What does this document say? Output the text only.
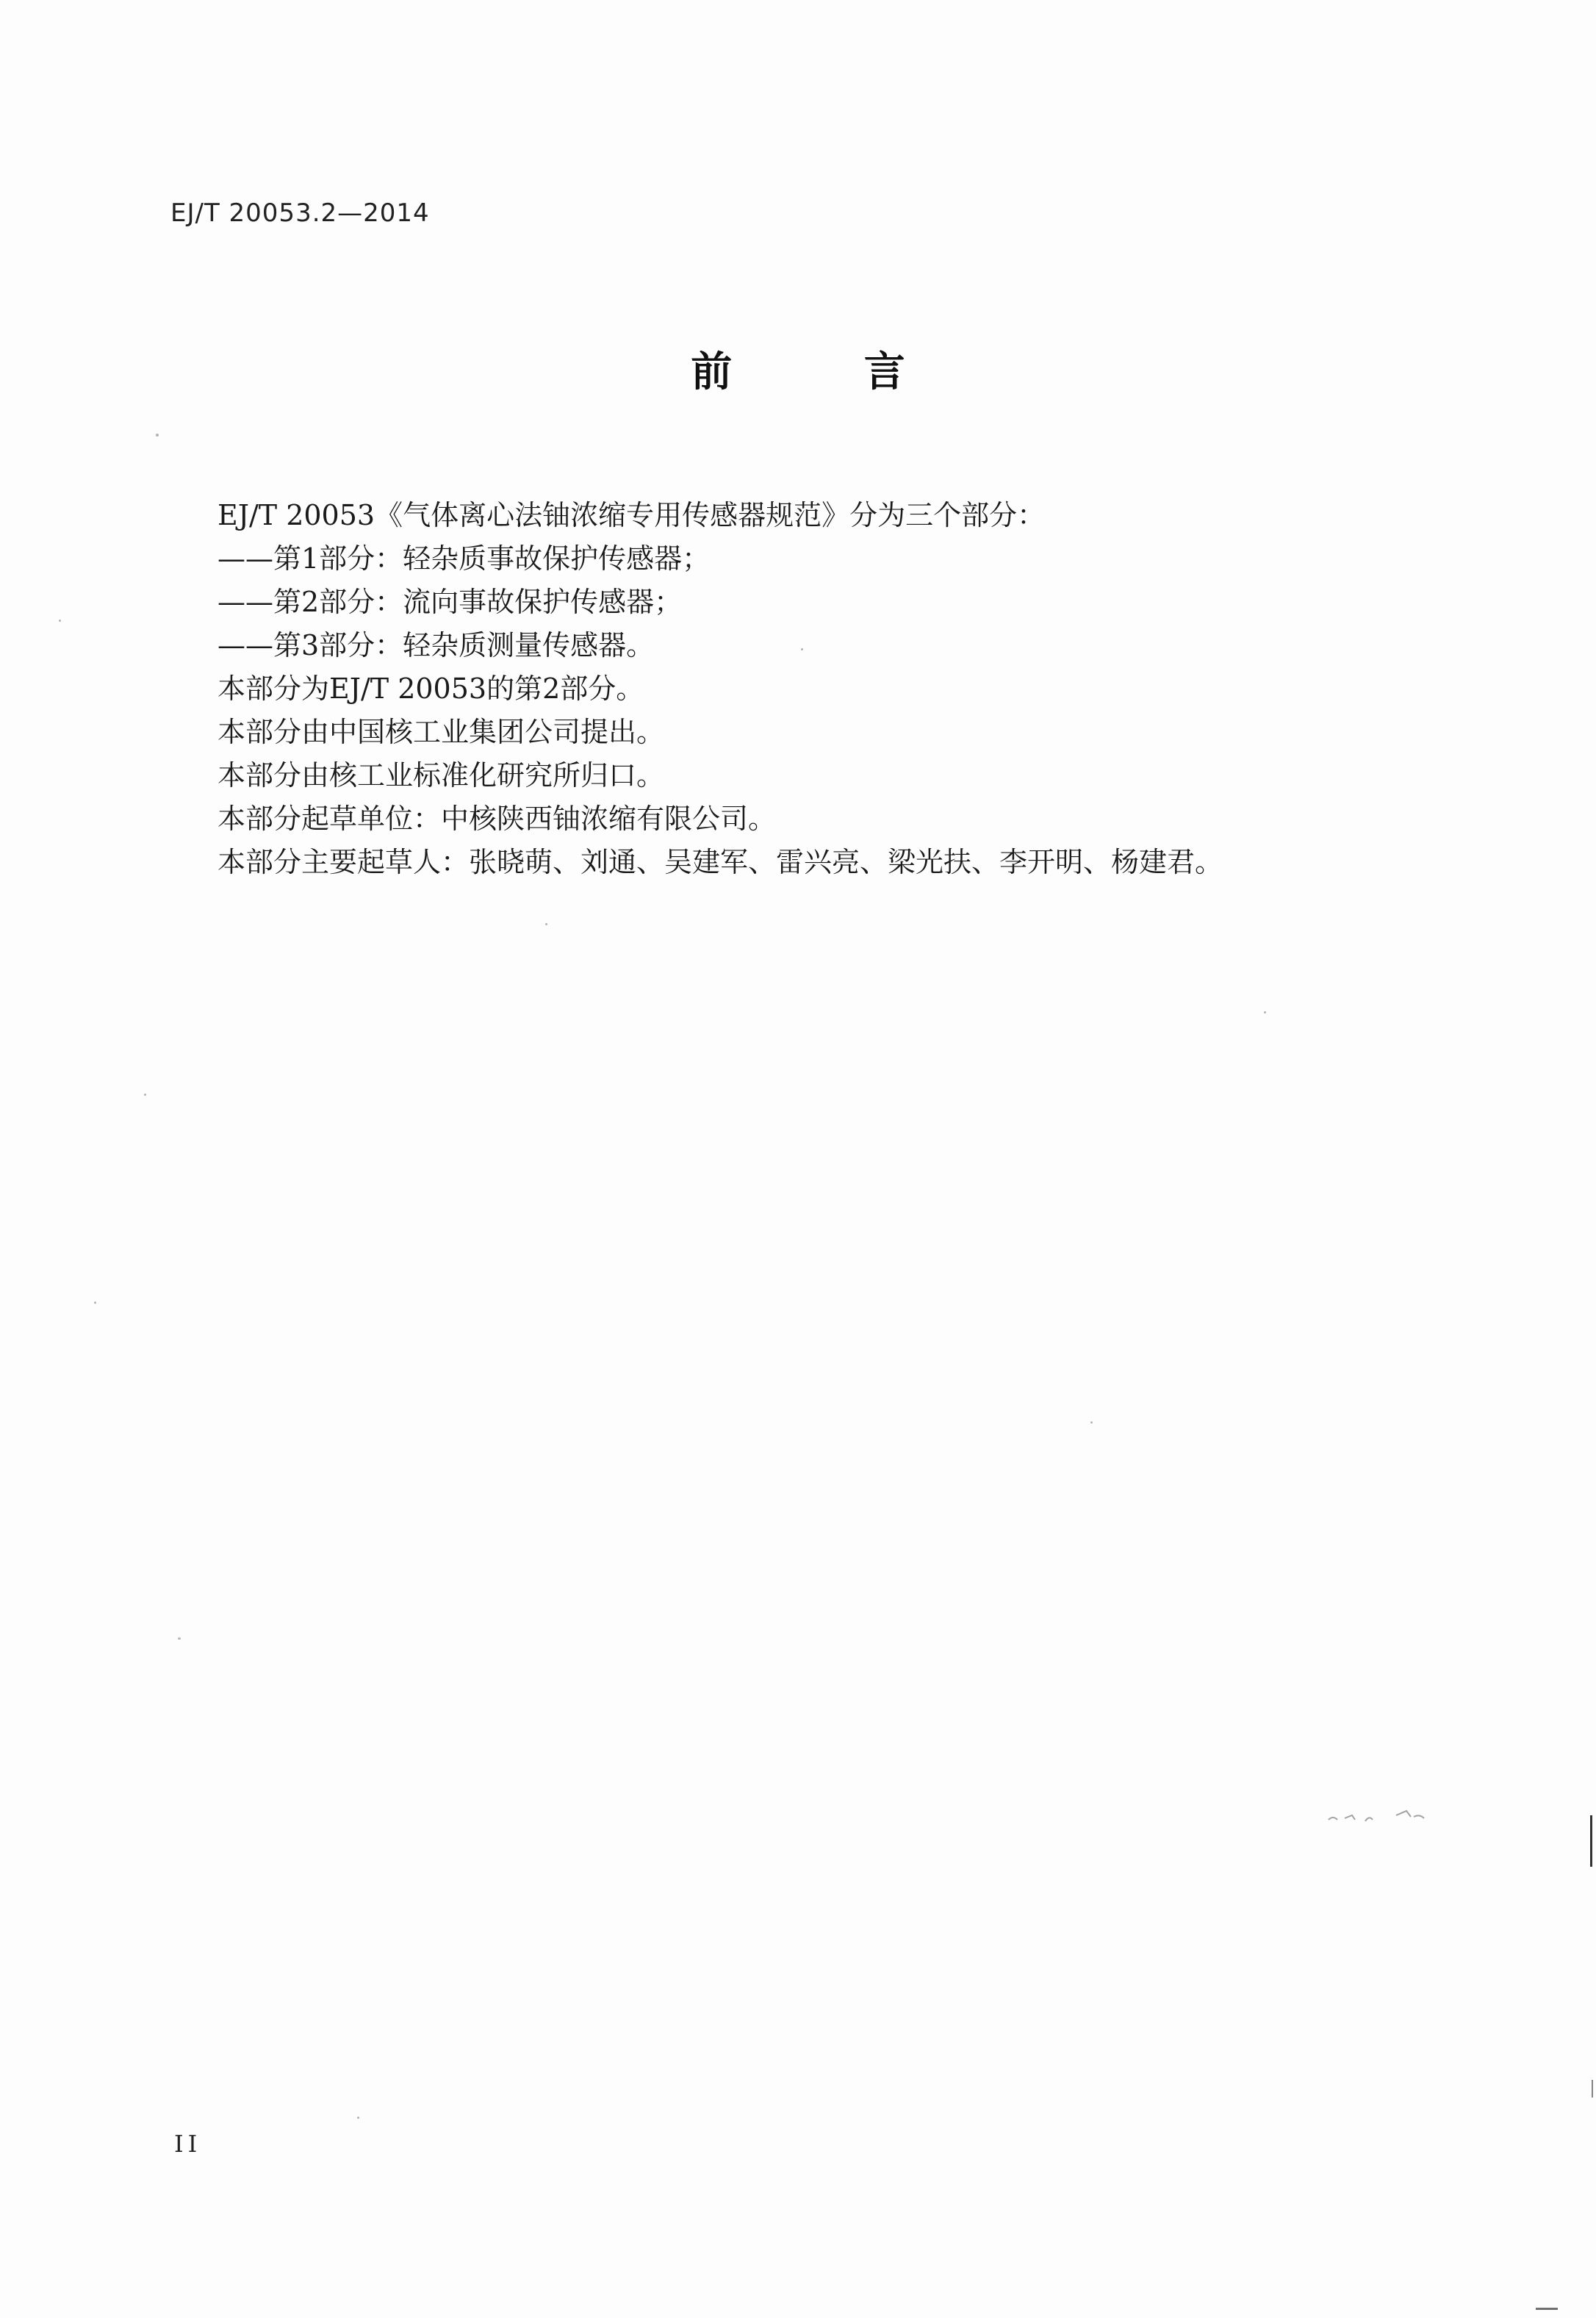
EJ/T 20053.2—2014
前 言
EJ/T 20053《气体离心法铀浓缩专用传感器规范》分为三个部分：
——第1部分：轻杂质事故保护传感器；
——第2部分：流向事故保护传感器；
——第3部分：轻杂质测量传感器。
本部分为EJ/T 20053的第2部分。
本部分由中国核工业集团公司提出。
本部分由核工业标准化研究所归口。
本部分起草单位：中核陕西铀浓缩有限公司。
本部分主要起草人：张晓萌、刘通、吴建军、雷兴亮、梁光扶、李开明、杨建君。
II
